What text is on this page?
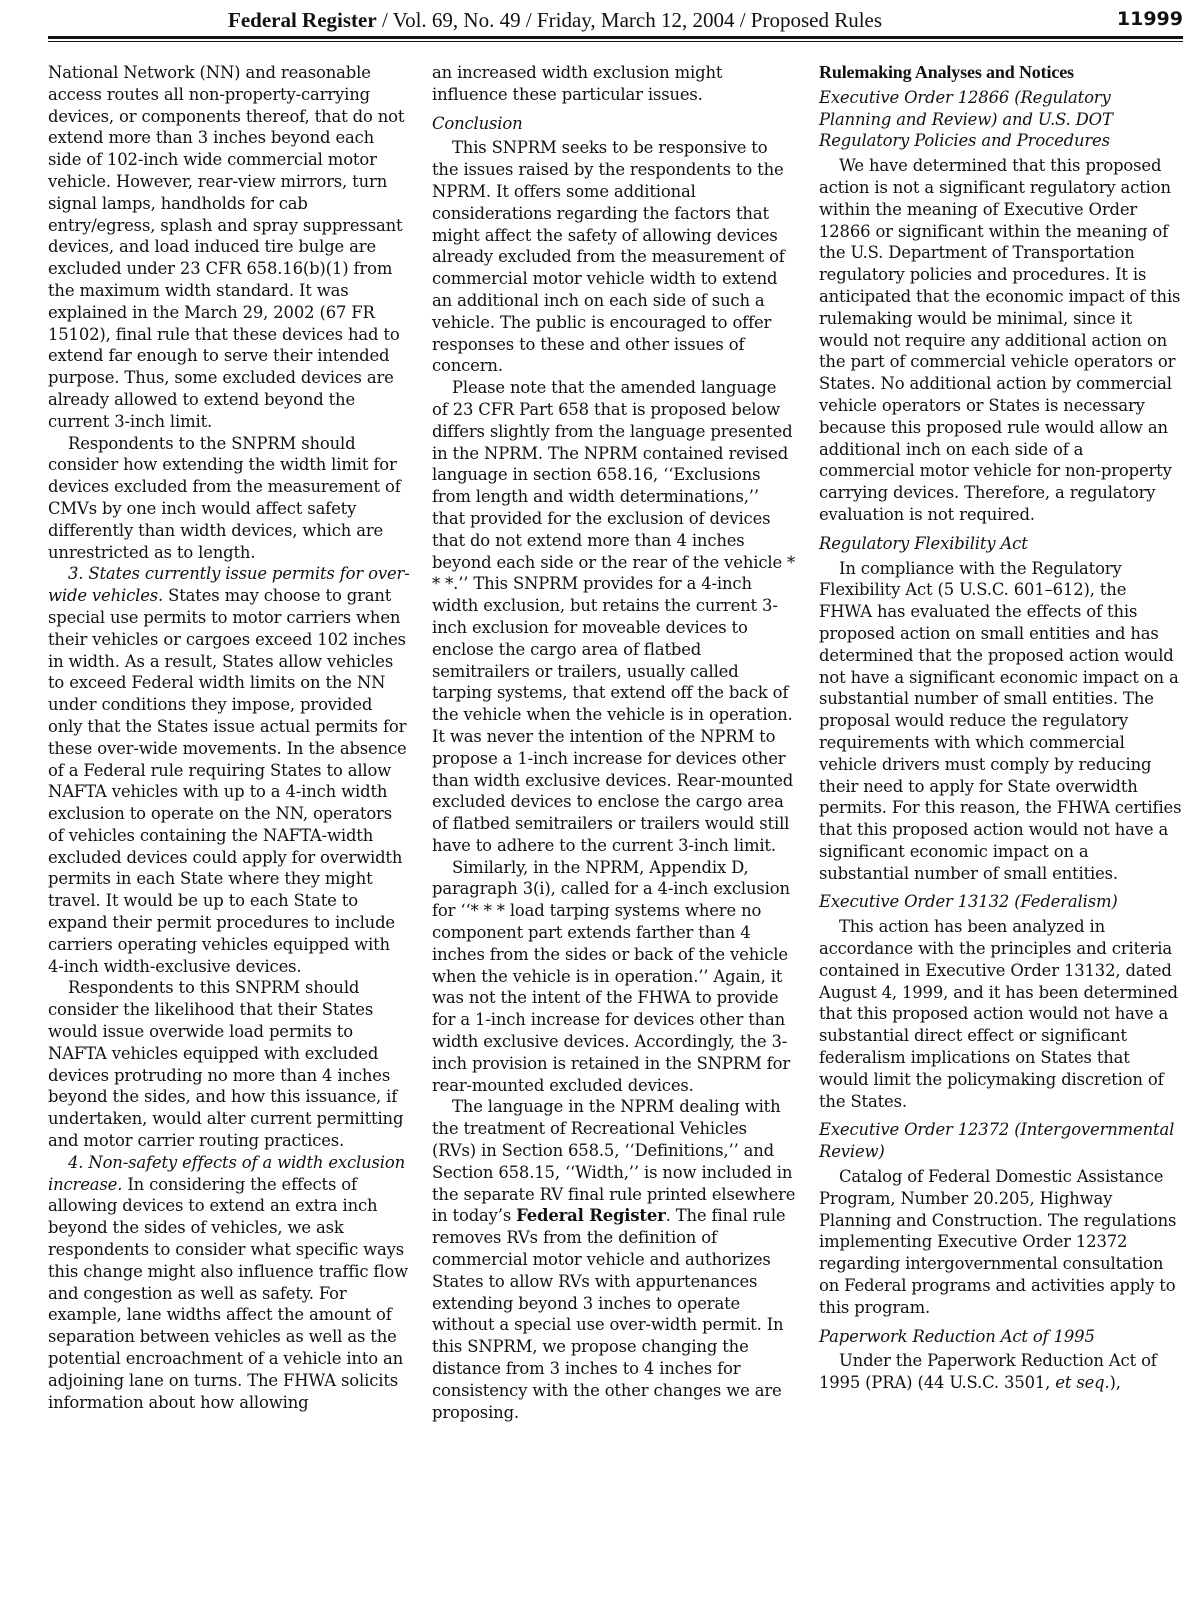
Federal Register / Vol. 69, No. 49 / Friday, March 12, 2004 / Proposed Rules	11999

National Network (NN) and reasonable access routes all non-property-carrying devices, or components thereof, that do not extend more than 3 inches beyond each side of 102-inch wide commercial motor vehicle. However, rear-view mirrors, turn signal lamps, handholds for cab entry/egress, splash and spray suppressant devices, and load induced tire bulge are excluded under 23 CFR 658.16(b)(1) from the maximum width standard. It was explained in the March 29, 2002 (67 FR 15102), final rule that these devices had to extend far enough to serve their intended purpose. Thus, some excluded devices are already allowed to extend beyond the current 3-inch limit.

Respondents to the SNPRM should consider how extending the width limit for devices excluded from the measurement of CMVs by one inch would affect safety differently than width devices, which are unrestricted as to length.

3. States currently issue permits for over-wide vehicles. States may choose to grant special use permits to motor carriers when their vehicles or cargoes exceed 102 inches in width. As a result, States allow vehicles to exceed Federal width limits on the NN under conditions they impose, provided only that the States issue actual permits for these over-wide movements. In the absence of a Federal rule requiring States to allow NAFTA vehicles with up to a 4-inch width exclusion to operate on the NN, operators of vehicles containing the NAFTA-width excluded devices could apply for overwidth permits in each State where they might travel. It would be up to each State to expand their permit procedures to include carriers operating vehicles equipped with 4-inch width-exclusive devices.

Respondents to this SNPRM should consider the likelihood that their States would issue overwide load permits to NAFTA vehicles equipped with excluded devices protruding no more than 4 inches beyond the sides, and how this issuance, if undertaken, would alter current permitting and motor carrier routing practices.

4. Non-safety effects of a width exclusion increase. In considering the effects of allowing devices to extend an extra inch beyond the sides of vehicles, we ask respondents to consider what specific ways this change might also influence traffic flow and congestion as well as safety. For example, lane widths affect the amount of separation between vehicles as well as the potential encroachment of a vehicle into an adjoining lane on turns. The FHWA solicits information about how allowing

an increased width exclusion might influence these particular issues.

Conclusion

This SNPRM seeks to be responsive to the issues raised by the respondents to the NPRM. It offers some additional considerations regarding the factors that might affect the safety of allowing devices already excluded from the measurement of commercial motor vehicle width to extend an additional inch on each side of such a vehicle. The public is encouraged to offer responses to these and other issues of concern.

Please note that the amended language of 23 CFR Part 658 that is proposed below differs slightly from the language presented in the NPRM. The NPRM contained revised language in section 658.16, ‘‘Exclusions from length and width determinations,’’ that provided for the exclusion of devices that do not extend more than 4 inches beyond each side or the rear of the vehicle * * *.’’ This SNPRM provides for a 4-inch width exclusion, but retains the current 3-inch exclusion for moveable devices to enclose the cargo area of flatbed semitrailers or trailers, usually called tarping systems, that extend off the back of the vehicle when the vehicle is in operation. It was never the intention of the NPRM to propose a 1-inch increase for devices other than width exclusive devices. Rear-mounted excluded devices to enclose the cargo area of flatbed semitrailers or trailers would still have to adhere to the current 3-inch limit.

Similarly, in the NPRM, Appendix D, paragraph 3(i), called for a 4-inch exclusion for ‘‘* * * load tarping systems where no component part extends farther than 4 inches from the sides or back of the vehicle when the vehicle is in operation.’’ Again, it was not the intent of the FHWA to provide for a 1-inch increase for devices other than width exclusive devices. Accordingly, the 3-inch provision is retained in the SNPRM for rear-mounted excluded devices.

The language in the NPRM dealing with the treatment of Recreational Vehicles (RVs) in Section 658.5, ‘‘Definitions,’’ and Section 658.15, ‘‘Width,’’ is now included in the separate RV final rule printed elsewhere in today’s Federal Register. The final rule removes RVs from the definition of commercial motor vehicle and authorizes States to allow RVs with appurtenances extending beyond 3 inches to operate without a special use over-width permit. In this SNPRM, we propose changing the distance from 3 inches to 4 inches for consistency with the other changes we are proposing.

Rulemaking Analyses and Notices
Executive Order 12866 (Regulatory Planning and Review) and U.S. DOT Regulatory Policies and Procedures

We have determined that this proposed action is not a significant regulatory action within the meaning of Executive Order 12866 or significant within the meaning of the U.S. Department of Transportation regulatory policies and procedures. It is anticipated that the economic impact of this rulemaking would be minimal, since it would not require any additional action on the part of commercial vehicle operators or States. No additional action by commercial vehicle operators or States is necessary because this proposed rule would allow an additional inch on each side of a commercial motor vehicle for non-property carrying devices. Therefore, a regulatory evaluation is not required.

Regulatory Flexibility Act

In compliance with the Regulatory Flexibility Act (5 U.S.C. 601–612), the FHWA has evaluated the effects of this proposed action on small entities and has determined that the proposed action would not have a significant economic impact on a substantial number of small entities. The proposal would reduce the regulatory requirements with which commercial vehicle drivers must comply by reducing their need to apply for State overwidth permits. For this reason, the FHWA certifies that this proposed action would not have a significant economic impact on a substantial number of small entities.

Executive Order 13132 (Federalism)

This action has been analyzed in accordance with the principles and criteria contained in Executive Order 13132, dated August 4, 1999, and it has been determined that this proposed action would not have a substantial direct effect or significant federalism implications on States that would limit the policymaking discretion of the States.

Executive Order 12372 (Intergovernmental Review)

Catalog of Federal Domestic Assistance Program, Number 20.205, Highway Planning and Construction. The regulations implementing Executive Order 12372 regarding intergovernmental consultation on Federal programs and activities apply to this program.

Paperwork Reduction Act of 1995

Under the Paperwork Reduction Act of 1995 (PRA) (44 U.S.C. 3501, et seq.),
